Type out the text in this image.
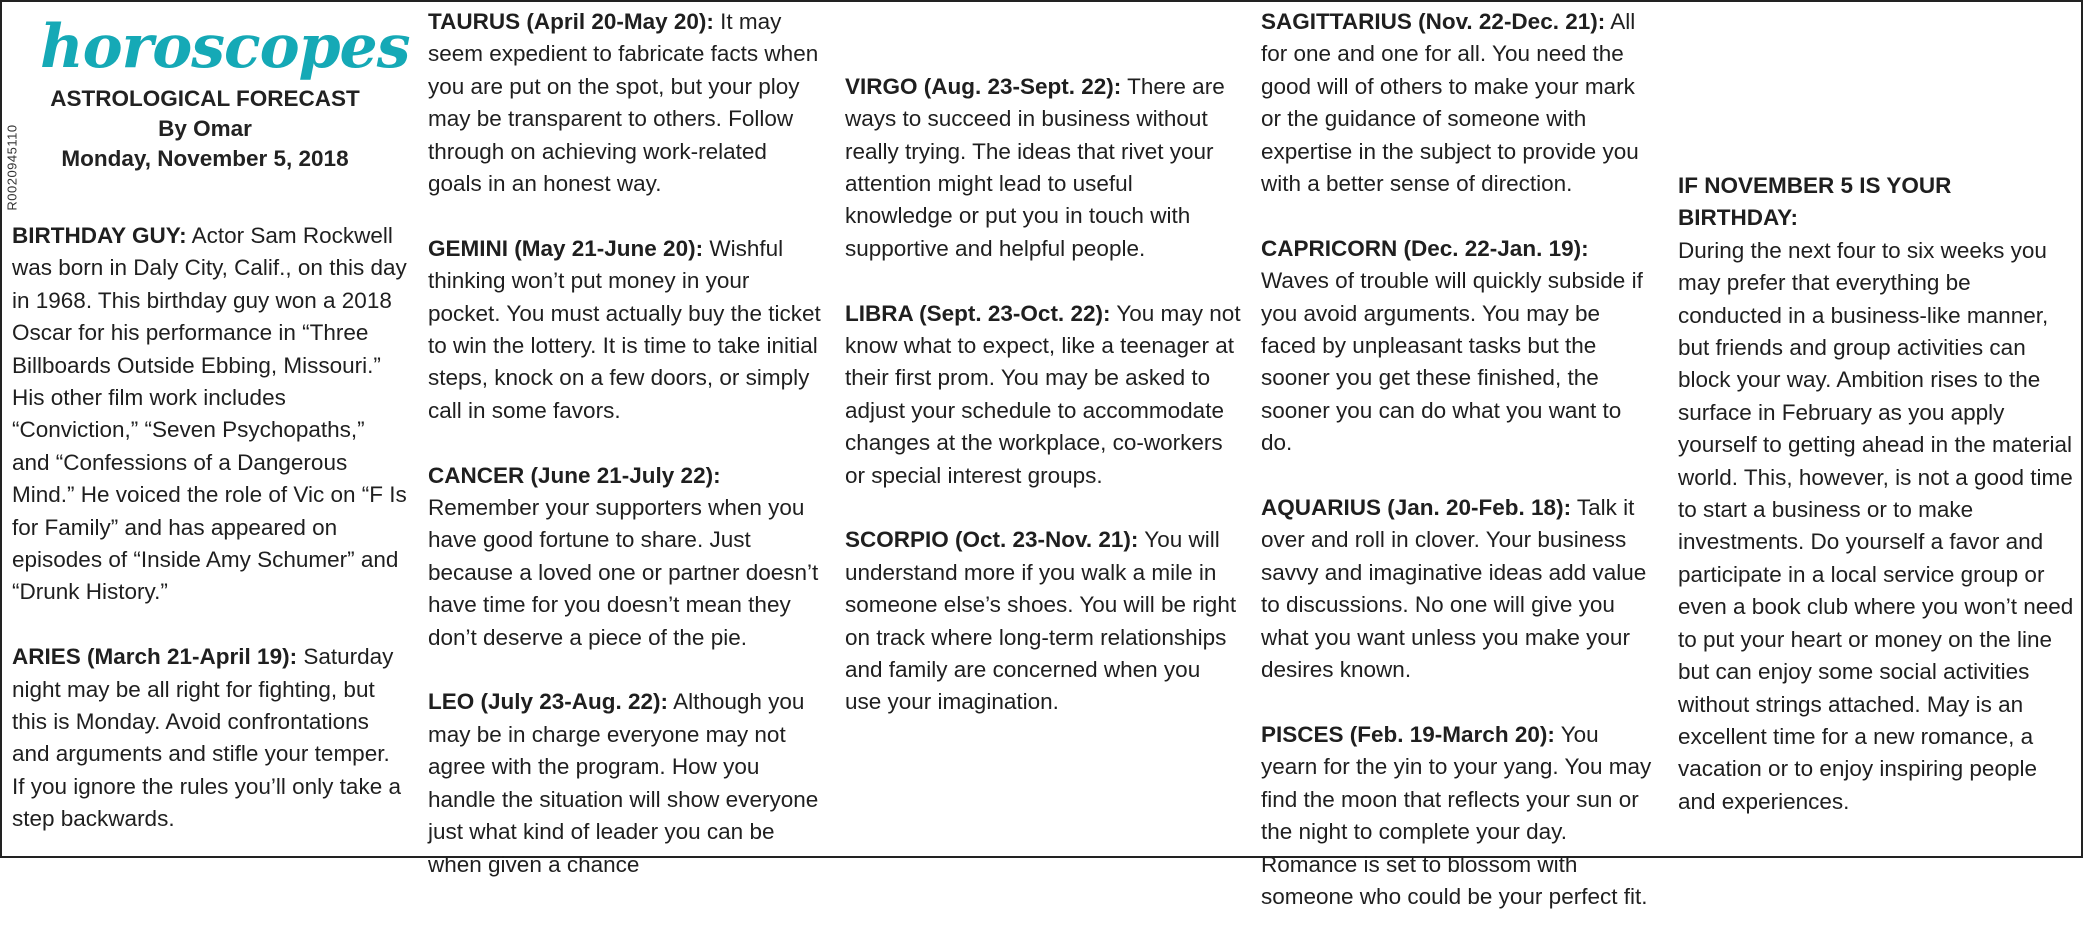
horoscopes
ASTROLOGICAL FORECAST
By Omar
Monday, November 5, 2018
R0020945110

BIRTHDAY GUY: Actor Sam Rockwell was born in Daly City, Calif., on this day in 1968. This birthday guy won a 2018 Oscar for his performance in “Three Billboards Outside Ebbing, Missouri.” His other film work includes “Conviction,” “Seven Psychopaths,” and “Confessions of a Dangerous Mind.” He voiced the role of Vic on “F Is for Family” and has appeared on episodes of “Inside Amy Schumer” and “Drunk History.”

ARIES (March 21-April 19): Saturday night may be all right for fighting, but this is Monday. Avoid confrontations and arguments and stifle your temper. If you ignore the rules you’ll only take a step backwards.

TAURUS (April 20-May 20): It may seem expedient to fabricate facts when you are put on the spot, but your ploy may be transparent to others. Follow through on achieving work-related goals in an honest way.

GEMINI (May 21-June 20): Wishful thinking won’t put money in your pocket. You must actually buy the ticket to win the lottery. It is time to take initial steps, knock on a few doors, or simply call in some favors.

CANCER (June 21-July 22): Remember your supporters when you have good fortune to share. Just because a loved one or partner doesn’t have time for you doesn’t mean they don’t deserve a piece of the pie.

LEO (July 23-Aug. 22): Although you may be in charge everyone may not agree with the program. How you handle the situation will show everyone just what kind of leader you can be when given a chance

VIRGO (Aug. 23-Sept. 22): There are ways to succeed in business without really trying. The ideas that rivet your attention might lead to useful knowledge or put you in touch with supportive and helpful people.

LIBRA (Sept. 23-Oct. 22): You may not know what to expect, like a teenager at their first prom. You may be asked to adjust your schedule to accommodate changes at the workplace, co-workers or special interest groups.

SCORPIO (Oct. 23-Nov. 21): You will understand more if you walk a mile in someone else’s shoes. You will be right on track where long-term relationships and family are concerned when you use your imagination.

SAGITTARIUS (Nov. 22-Dec. 21): All for one and one for all. You need the good will of others to make your mark or the guidance of someone with expertise in the subject to provide you with a better sense of direction.

CAPRICORN (Dec. 22-Jan. 19): Waves of trouble will quickly subside if you avoid arguments. You may be faced by unpleasant tasks but the sooner you get these finished, the sooner you can do what you want to do.

AQUARIUS (Jan. 20-Feb. 18): Talk it over and roll in clover. Your business savvy and imaginative ideas add value to discussions. No one will give you what you want unless you make your desires known.

PISCES (Feb. 19-March 20): You yearn for the yin to your yang. You may find the moon that reflects your sun or the night to complete your day. Romance is set to blossom with someone who could be your perfect fit.

IF NOVEMBER 5 IS YOUR BIRTHDAY:
During the next four to six weeks you may prefer that everything be conducted in a business-like manner, but friends and group activities can block your way. Ambition rises to the surface in February as you apply yourself to getting ahead in the material world. This, however, is not a good time to start a business or to make investments. Do yourself a favor and participate in a local service group or even a book club where you won’t need to put your heart or money on the line but can enjoy some social activities without strings attached. May is an excellent time for a new romance, a vacation or to enjoy inspiring people and experiences.
